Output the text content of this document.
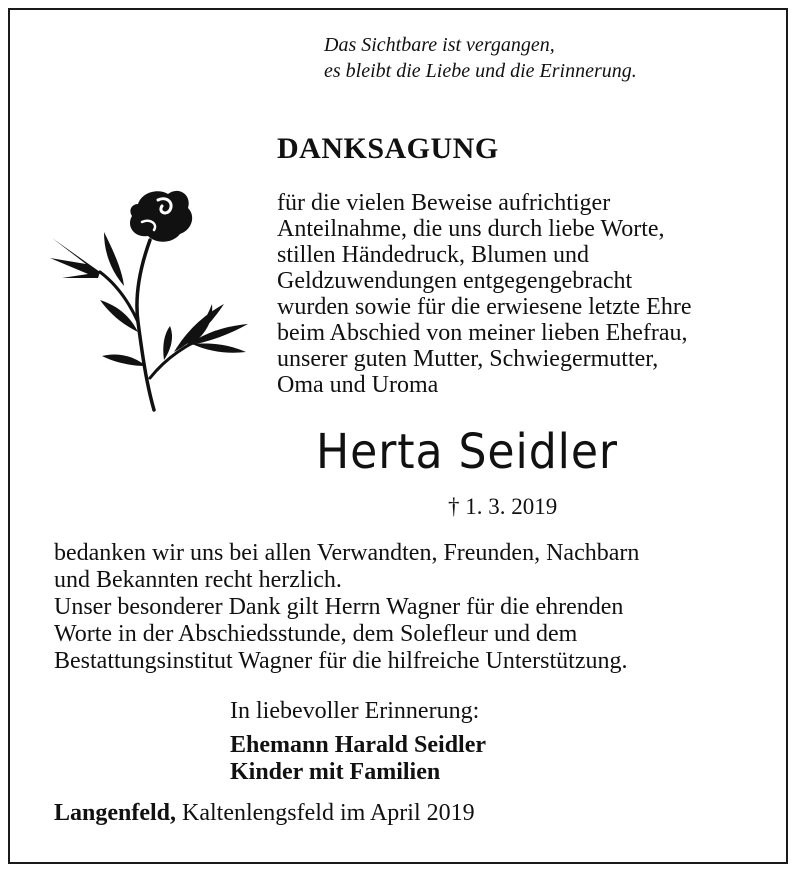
Das Sichtbare ist vergangen,
es bleibt die Liebe und die Erinnerung.
DANKSAGUNG
für die vielen Beweise aufrichtiger
Anteilnahme, die uns durch liebe Worte,
stillen Händedruck, Blumen und
Geldzuwendungen entgegengebracht
wurden sowie für die erwiesene letzte Ehre
beim Abschied von meiner lieben Ehefrau,
unserer guten Mutter, Schwiegermutter,
Oma und Uroma
Herta Seidler
† 1. 3. 2019
bedanken wir uns bei allen Verwandten, Freunden, Nachbarn
und Bekannten recht herzlich.
Unser besonderer Dank gilt Herrn Wagner für die ehrenden
Worte in der Abschiedsstunde, dem Solefleur und dem
Bestattungsinstitut Wagner für die hilfreiche Unterstützung.
In liebevoller Erinnerung:
Ehemann Harald Seidler
Kinder mit Familien
Langenfeld, Kaltenlengsfeld im April 2019
